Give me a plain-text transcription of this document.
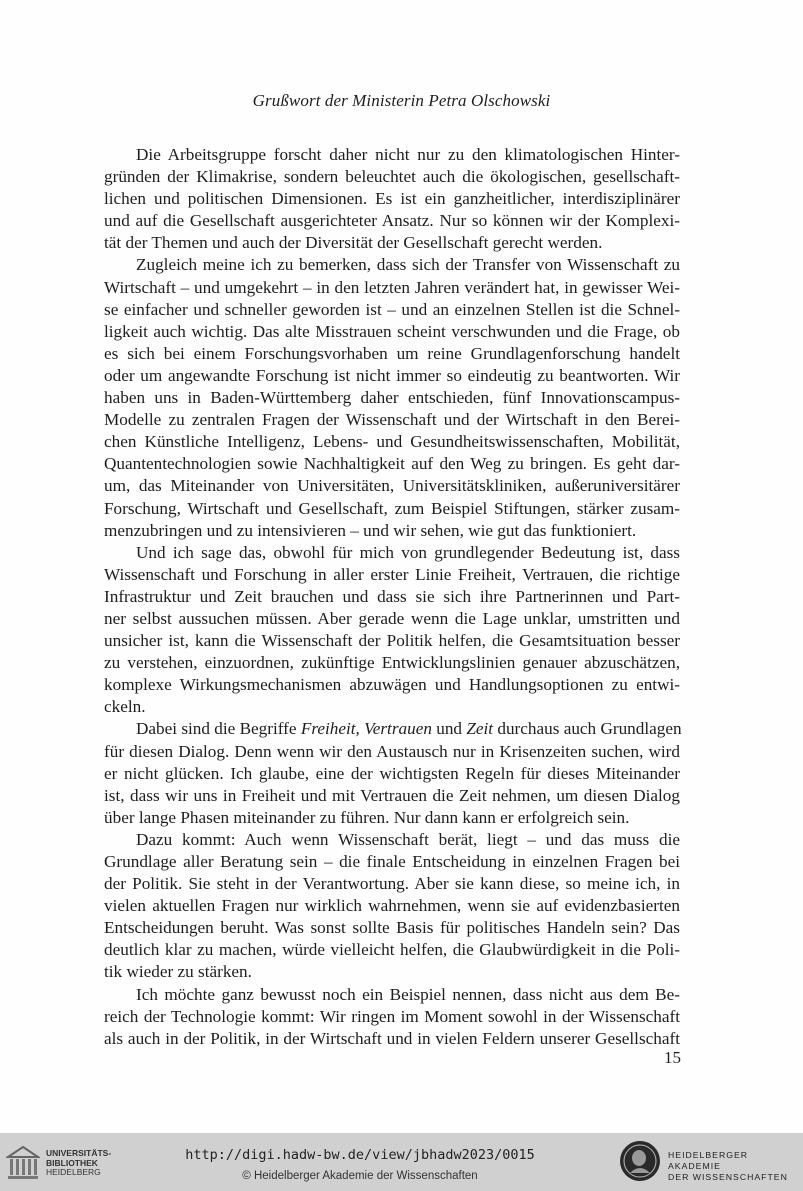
Grußwort der Ministerin Petra Olschowski
Die Arbeitsgruppe forscht daher nicht nur zu den klimatologischen Hinter-
gründen der Klimakrise, sondern beleuchtet auch die ökologischen, gesellschaft-
lichen und politischen Dimensionen. Es ist ein ganzheitlicher, interdisziplinärer
und auf die Gesellschaft ausgerichteter Ansatz. Nur so können wir der Komplexi-
tät der Themen und auch der Diversität der Gesellschaft gerecht werden.
Zugleich meine ich zu bemerken, dass sich der Transfer von Wissenschaft zu
Wirtschaft – und umgekehrt – in den letzten Jahren verändert hat, in gewisser Wei-
se einfacher und schneller geworden ist – und an einzelnen Stellen ist die Schnel-
ligkeit auch wichtig. Das alte Misstrauen scheint verschwunden und die Frage, ob
es sich bei einem Forschungsvorhaben um reine Grundlagenforschung handelt
oder um angewandte Forschung ist nicht immer so eindeutig zu beantworten. Wir
haben uns in Baden-Württemberg daher entschieden, fünf Innovationscampus-
Modelle zu zentralen Fragen der Wissenschaft und der Wirtschaft in den Berei-
chen Künstliche Intelligenz, Lebens- und Gesundheitswissenschaften, Mobilität,
Quantentechnologien sowie Nachhaltigkeit auf den Weg zu bringen. Es geht dar-
um, das Miteinander von Universitäten, Universitätskliniken, außeruniversitärer
Forschung, Wirtschaft und Gesellschaft, zum Beispiel Stiftungen, stärker zusam-
menzubringen und zu intensivieren – und wir sehen, wie gut das funktioniert.
Und ich sage das, obwohl für mich von grundlegender Bedeutung ist, dass
Wissenschaft und Forschung in aller erster Linie Freiheit, Vertrauen, die richtige
Infrastruktur und Zeit brauchen und dass sie sich ihre Partnerinnen und Part-
ner selbst aussuchen müssen. Aber gerade wenn die Lage unklar, umstritten und
unsicher ist, kann die Wissenschaft der Politik helfen, die Gesamtsituation besser
zu verstehen, einzuordnen, zukünftige Entwicklungslinien genauer abzuschätzen,
komplexe Wirkungsmechanismen abzuwägen und Handlungsoptionen zu entwi-
ckeln.
Dabei sind die Begriffe Freiheit, Vertrauen und Zeit durchaus auch Grundlagen
für diesen Dialog. Denn wenn wir den Austausch nur in Krisenzeiten suchen, wird
er nicht glücken. Ich glaube, eine der wichtigsten Regeln für dieses Miteinander
ist, dass wir uns in Freiheit und mit Vertrauen die Zeit nehmen, um diesen Dialog
über lange Phasen miteinander zu führen. Nur dann kann er erfolgreich sein.
Dazu kommt: Auch wenn Wissenschaft berät, liegt – und das muss die
Grundlage aller Beratung sein – die finale Entscheidung in einzelnen Fragen bei
der Politik. Sie steht in der Verantwortung. Aber sie kann diese, so meine ich, in
vielen aktuellen Fragen nur wirklich wahrnehmen, wenn sie auf evidenzbasierten
Entscheidungen beruht. Was sonst sollte Basis für politisches Handeln sein? Das
deutlich klar zu machen, würde vielleicht helfen, die Glaubwürdigkeit in die Poli-
tik wieder zu stärken.
Ich möchte ganz bewusst noch ein Beispiel nennen, dass nicht aus dem Be-
reich der Technologie kommt: Wir ringen im Moment sowohl in der Wissenschaft
als auch in der Politik, in der Wirtschaft und in vielen Feldern unserer Gesellschaft
15
UNIVERSITÄTS-
BIBLIOTHEK
HEIDELBERG
http://digi.hadw-bw.de/view/jbhadw2023/0015
© Heidelberger Akademie der Wissenschaften
HEIDELBERGER AKADEMIE
DER WISSENSCHAFTEN
